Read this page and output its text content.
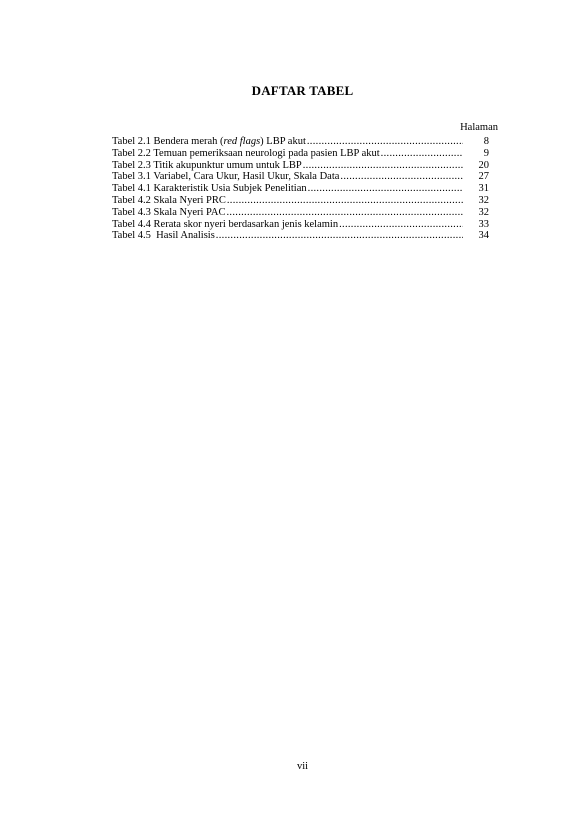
DAFTAR TABEL
Halaman
Tabel 2.1 Bendera merah (red flags) LBP akut .....	8
Tabel 2.2 Temuan pemeriksaan neurologi pada pasien LBP akut .....	9
Tabel 2.3 Titik akupunktur umum untuk LBP .....	20
Tabel 3.1 Variabel, Cara Ukur, Hasil Ukur, Skala Data .....	27
Tabel 4.1 Karakteristik Usia Subjek Penelitian .....	31
Tabel 4.2 Skala Nyeri PRC .....	32
Tabel 4.3 Skala Nyeri PAC .....	32
Tabel 4.4 Rerata skor nyeri berdasarkan jenis kelamin .....	33
Tabel 4.5  Hasil Analisis .....	34
vii
